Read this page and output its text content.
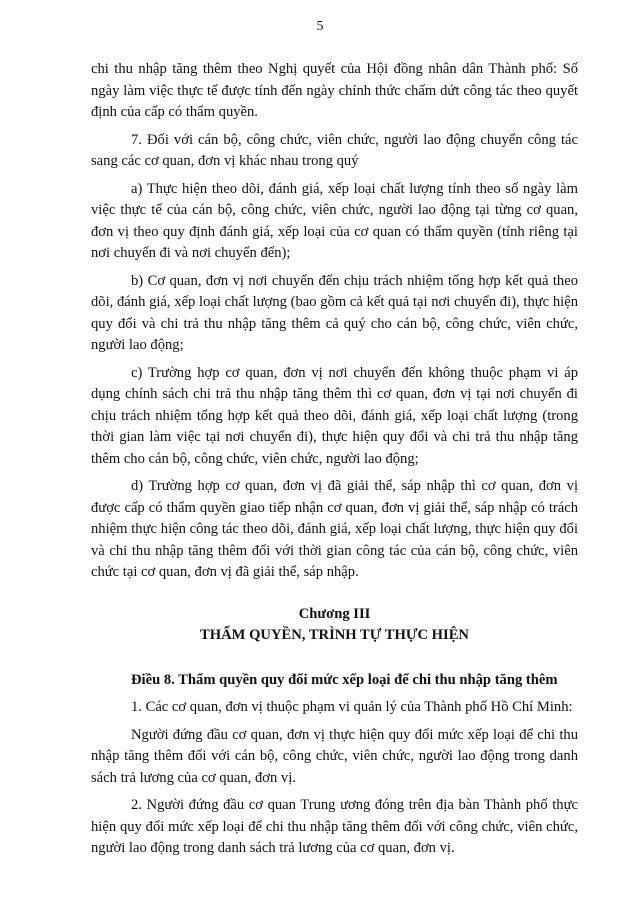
5

chi thu nhập tăng thêm theo Nghị quyết của Hội đồng nhân dân Thành phố: Số ngày làm việc thực tế được tính đến ngày chính thức chấm dứt công tác theo quyết định của cấp có thẩm quyền.

7. Đối với cán bộ, công chức, viên chức, người lao động chuyển công tác sang các cơ quan, đơn vị khác nhau trong quý

a) Thực hiện theo dõi, đánh giá, xếp loại chất lượng tính theo số ngày làm việc thực tế của cán bộ, công chức, viên chức, người lao động tại từng cơ quan, đơn vị theo quy định đánh giá, xếp loại của cơ quan có thẩm quyền (tính riêng tại nơi chuyển đi và nơi chuyển đến);

b) Cơ quan, đơn vị nơi chuyển đến chịu trách nhiệm tổng hợp kết quả theo dõi, đánh giá, xếp loại chất lượng (bao gồm cả kết quả tại nơi chuyển đi), thực hiện quy đổi và chi trả thu nhập tăng thêm cả quý cho cán bộ, công chức, viên chức, người lao động;

c) Trường hợp cơ quan, đơn vị nơi chuyển đến không thuộc phạm vi áp dụng chính sách chi trả thu nhập tăng thêm thì cơ quan, đơn vị tại nơi chuyển đi chịu trách nhiệm tổng hợp kết quả theo dõi, đánh giá, xếp loại chất lượng (trong thời gian làm việc tại nơi chuyển đi), thực hiện quy đổi và chi trả thu nhập tăng thêm cho cán bộ, công chức, viên chức, người lao động;

d) Trường hợp cơ quan, đơn vị đã giải thể, sáp nhập thì cơ quan, đơn vị được cấp có thẩm quyền giao tiếp nhận cơ quan, đơn vị giải thể, sáp nhập có trách nhiệm thực hiện công tác theo dõi, đánh giá, xếp loại chất lượng, thực hiện quy đổi và chi thu nhập tăng thêm đối với thời gian công tác của cán bộ, công chức, viên chức tại cơ quan, đơn vị đã giải thể, sáp nhập.

Chương III

THẨM QUYỀN, TRÌNH TỰ THỰC HIỆN

Điều 8. Thẩm quyền quy đổi mức xếp loại để chi thu nhập tăng thêm

1. Các cơ quan, đơn vị thuộc phạm vi quản lý của Thành phố Hồ Chí Minh:

Người đứng đầu cơ quan, đơn vị thực hiện quy đổi mức xếp loại để chi thu nhập tăng thêm đối với cán bộ, công chức, viên chức, người lao động trong danh sách trả lương của cơ quan, đơn vị.

2. Người đứng đầu cơ quan Trung ương đóng trên địa bàn Thành phố thực hiện quy đổi mức xếp loại để chi thu nhập tăng thêm đối với công chức, viên chức, người lao động trong danh sách trả lương của cơ quan, đơn vị.
